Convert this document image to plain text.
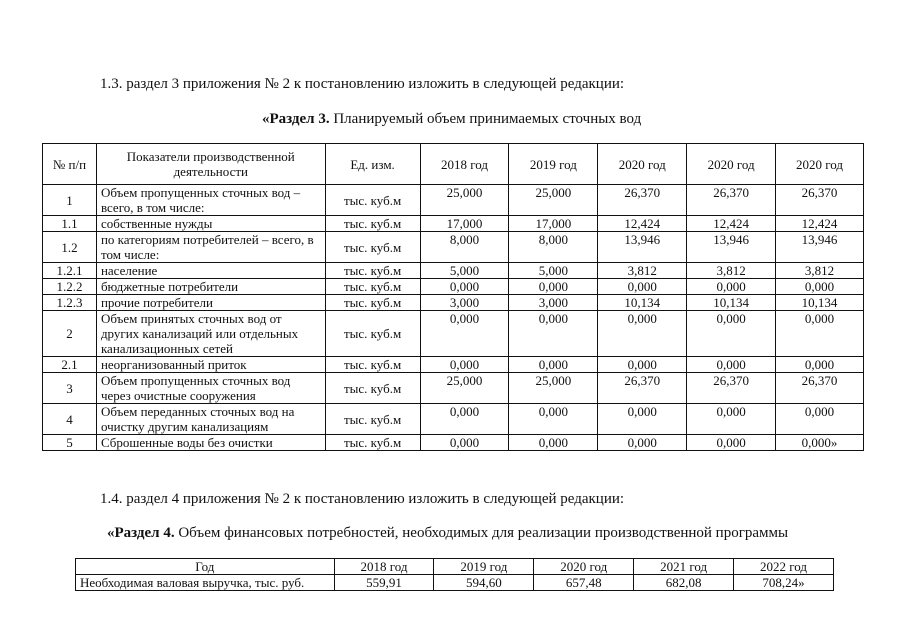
1.3. раздел 3 приложения № 2 к постановлению изложить в следующей редакции:
«Раздел 3. Планируемый объем принимаемых сточных вод
№ п/п	Показатели производственной деятельности	Ед. изм.	2018 год	2019 год	2020 год	2020 год	2020 год
1	Объем пропущенных сточных вод – всего, в том числе:	тыс. куб.м	25,000	25,000	26,370	26,370	26,370
1.1	собственные нужды	тыс. куб.м	17,000	17,000	12,424	12,424	12,424
1.2	по категориям потребителей – всего, в том числе:	тыс. куб.м	8,000	8,000	13,946	13,946	13,946
1.2.1	население	тыс. куб.м	5,000	5,000	3,812	3,812	3,812
1.2.2	бюджетные потребители	тыс. куб.м	0,000	0,000	0,000	0,000	0,000
1.2.3	прочие потребители	тыс. куб.м	3,000	3,000	10,134	10,134	10,134
2	Объем принятых сточных вод от других канализаций или отдельных канализационных сетей	тыс. куб.м	0,000	0,000	0,000	0,000	0,000
2.1	неорганизованный приток	тыс. куб.м	0,000	0,000	0,000	0,000	0,000
3	Объем пропущенных сточных вод через очистные сооружения	тыс. куб.м	25,000	25,000	26,370	26,370	26,370
4	Объем переданных сточных вод на очистку другим канализациям	тыс. куб.м	0,000	0,000	0,000	0,000	0,000
5	Сброшенные воды без очистки	тыс. куб.м	0,000	0,000	0,000	0,000	0,000»
1.4. раздел 4 приложения № 2 к постановлению изложить в следующей редакции:
«Раздел 4. Объем финансовых потребностей, необходимых для реализации производственной программы
Год	2018 год	2019 год	2020 год	2021 год	2022 год
Необходимая валовая выручка, тыс. руб.	559,91	594,60	657,48	682,08	708,24»
